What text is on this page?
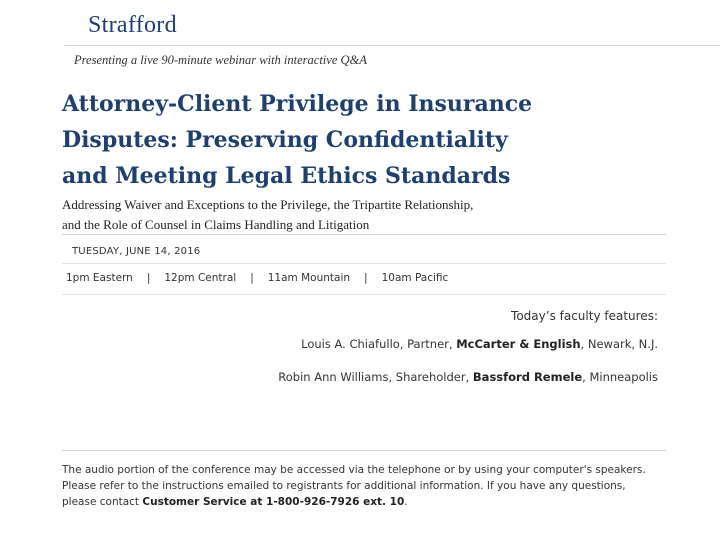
Strafford
Presenting a live 90-minute webinar with interactive Q&A
Attorney-Client Privilege in Insurance
Disputes: Preserving Confidentiality
and Meeting Legal Ethics Standards
Addressing Waiver and Exceptions to the Privilege, the Tripartite Relationship,
and the Role of Counsel in Claims Handling and Litigation
TUESDAY, JUNE 14, 2016
1pm Eastern | 12pm Central | 11am Mountain | 10am Pacific
Today’s faculty features:
Louis A. Chiafullo, Partner, McCarter & English, Newark, N.J.
Robin Ann Williams, Shareholder, Bassford Remele, Minneapolis
The audio portion of the conference may be accessed via the telephone or by using your computer's speakers. Please refer to the instructions emailed to registrants for additional information. If you have any questions, please contact Customer Service at 1-800-926-7926 ext. 10.
